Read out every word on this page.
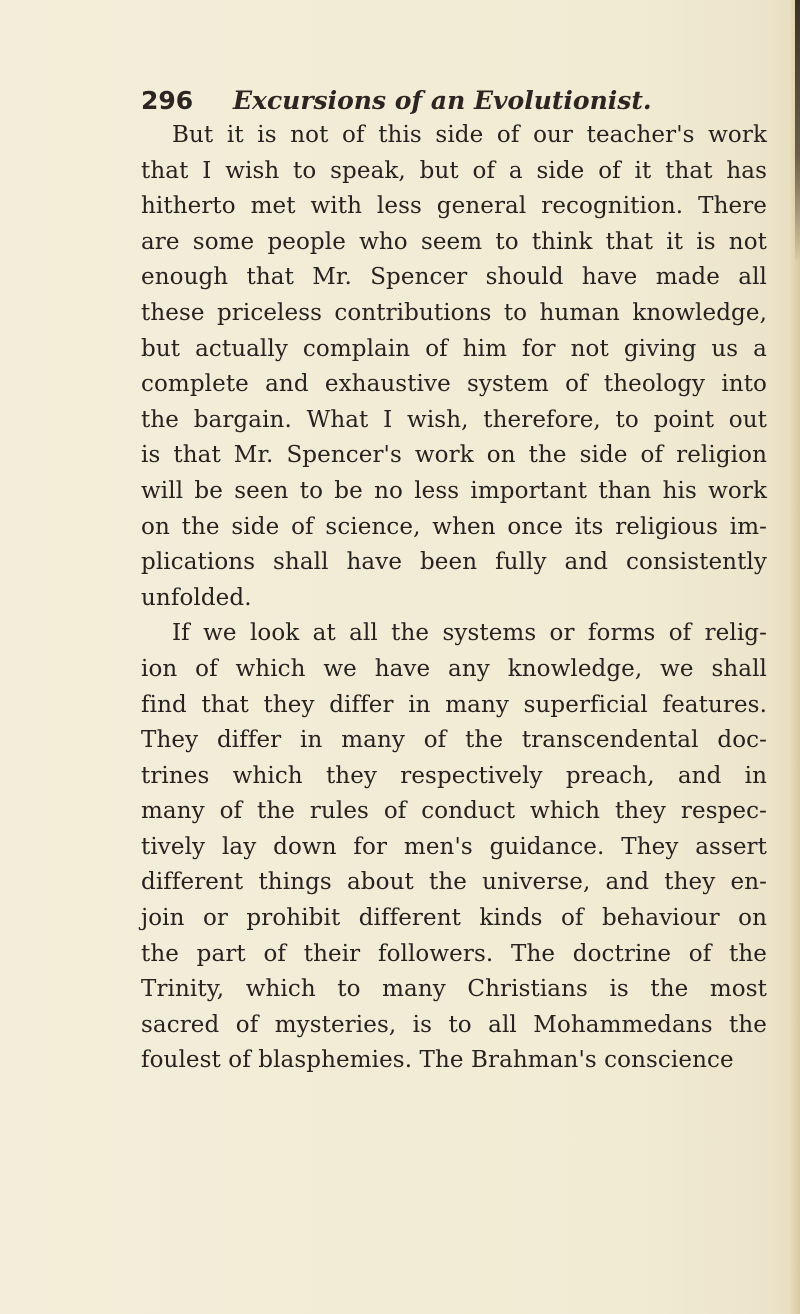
296 Excursions of an Evolutionist.
But it is not of this side of our teacher's work
that I wish to speak, but of a side of it that has
hitherto met with less general recognition. There
are some people who seem to think that it is not
enough that Mr. Spencer should have made all
these priceless contributions to human knowledge,
but actually complain of him for not giving us a
complete and exhaustive system of theology into
the bargain. What I wish, therefore, to point out
is that Mr. Spencer's work on the side of religion
will be seen to be no less important than his work
on the side of science, when once its religious im-
plications shall have been fully and consistently
unfolded.
If we look at all the systems or forms of relig-
ion of which we have any knowledge, we shall
find that they differ in many superficial features.
They differ in many of the transcendental doc-
trines which they respectively preach, and in
many of the rules of conduct which they respec-
tively lay down for men's guidance. They assert
different things about the universe, and they en-
join or prohibit different kinds of behaviour on
the part of their followers. The doctrine of the
Trinity, which to many Christians is the most
sacred of mysteries, is to all Mohammedans the
foulest of blasphemies. The Brahman's conscience
